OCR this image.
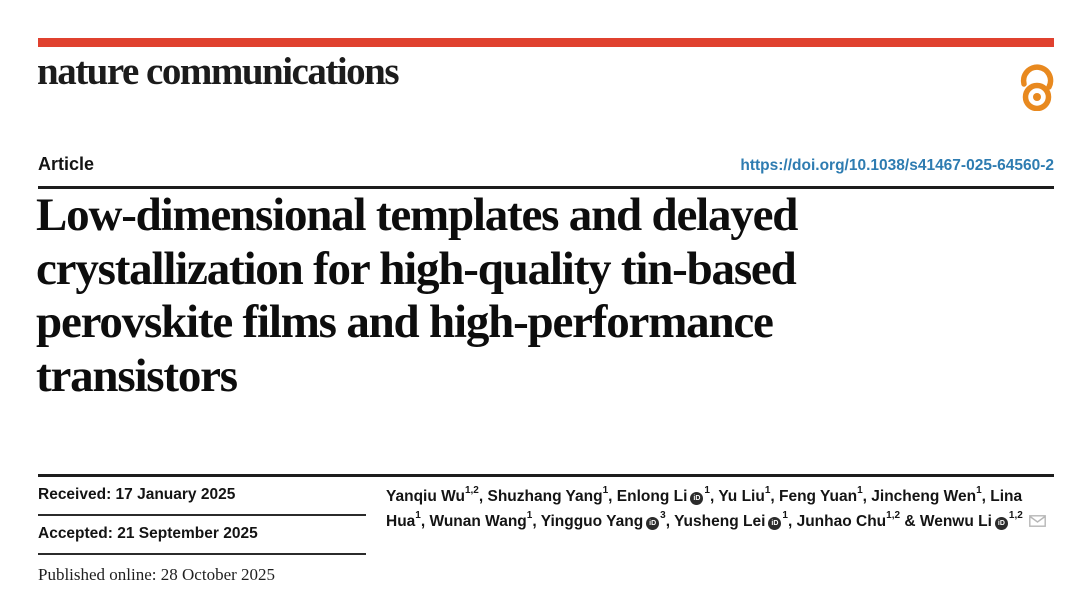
nature communications
Article	https://doi.org/10.1038/s41467-025-64560-2
Low-dimensional templates and delayed
crystallization for high-quality tin-based
perovskite films and high-performance
transistors
Received: 17 January 2025
Accepted: 21 September 2025
Published online: 28 October 2025
Yanqiu Wu$^{1,2}$, Shuzhang Yang$^1$, Enlong Li $iD^1$, Yu Liu$^1$, Feng Yuan$^1$, Jincheng Wen$^1$, Lina Hua$^1$, Wunan Wang$^1$, Yingguo Yang $iD^3$, Yusheng Lei $iD^1$, Junhao Chu$^{1,2}$ & Wenwu Li iD$^{1,2}$
